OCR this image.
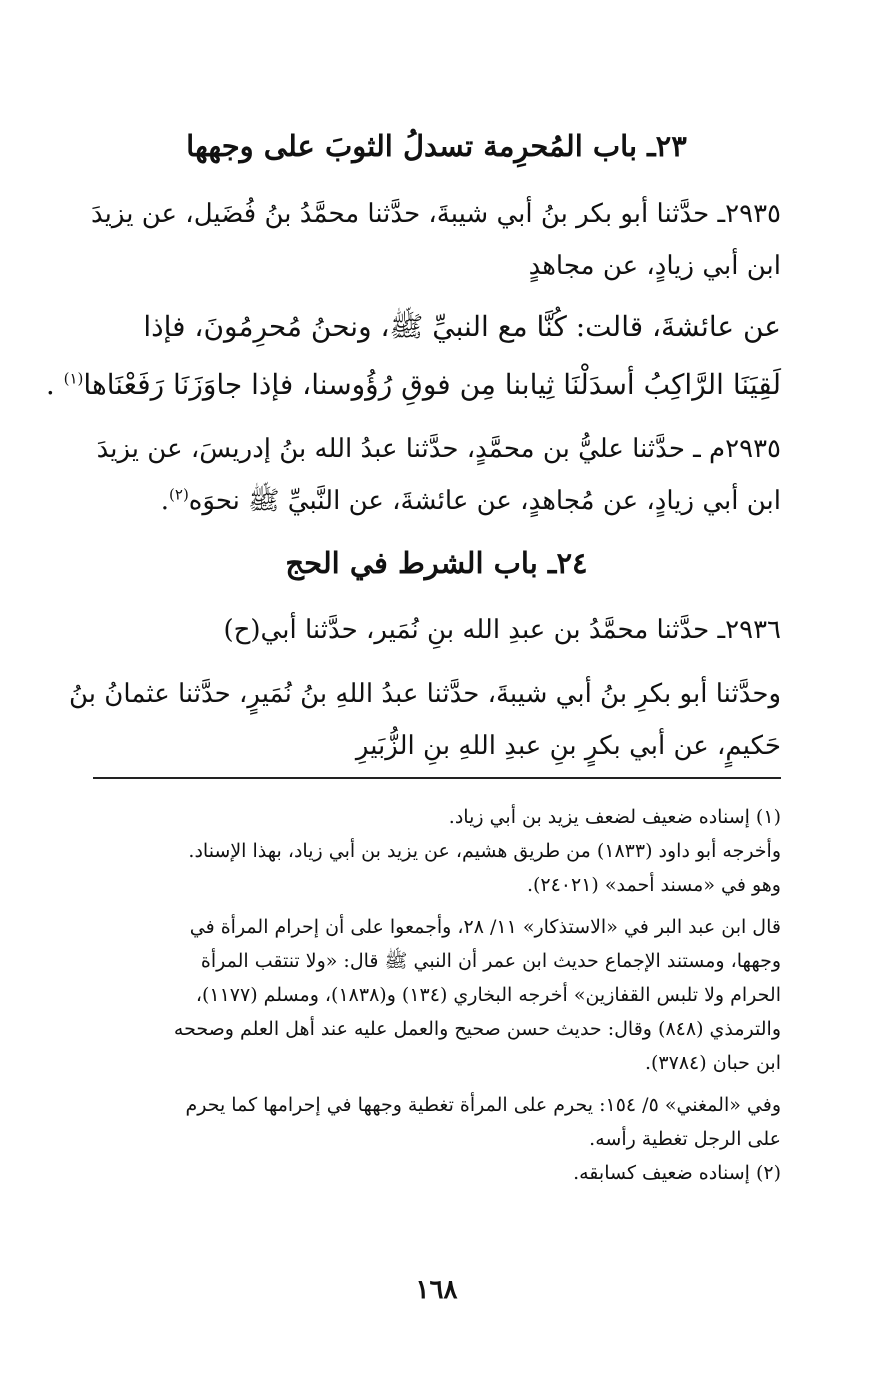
٢٣ـ باب المُحرِمة تسدلُ الثوبَ على وجهها
٢٩٣٥ـ حدَّثنا أبو بكر بنُ أبي شيبةَ، حدَّثنا محمَّدُ بنُ فُضَيل، عن يزيدَ
ابن أبي زيادٍ، عن مجاهدٍ
عن عائشةَ، قالت: كُنَّا مع النبيِّ ﷺ، ونحنُ مُحرِمُونَ، فإذا
لَقِيَنَا الرَّاكِبُ أسدَلْنَا ثِيابنا مِن فوقِ رُؤُوسنا، فإذا جاوَزَنَا رَفَعْنَاها$^{(١)}$ .
٢٩٣٥م ـ حدَّثنا عليُّ بن محمَّدٍ، حدَّثنا عبدُ الله بنُ إدريسَ، عن يزيدَ
ابن أبي زيادٍ، عن مُجاهدٍ، عن عائشةَ، عن النَّبيِّ ﷺ نحوَه$^{(٢)}$.
٢٤ـ باب الشرط في الحج
٢٩٣٦ـ حدَّثنا محمَّدُ بن عبدِ الله بنِ نُمَير، حدَّثنا أبي(ح)
وحدَّثنا أبو بكرِ بنُ أبي شيبةَ، حدَّثنا عبدُ اللهِ بنُ نُمَيرٍ، حدَّثنا عثمانُ بنُ
حَكيمٍ، عن أبي بكرٍ بنِ عبدِ اللهِ بنِ الزُّبَيرِ
(١) إسناده ضعيف لضعف يزيد بن أبي زياد.
وأخرجه أبو داود (١٨٣٣) من طريق هشيم، عن يزيد بن أبي زياد، بهذا الإسناد.
وهو في «مسند أحمد» (٢٤٠٢١).
قال ابن عبد البر في «الاستذكار» ١١/ ٢٨، وأجمعوا على أن إحرام المرأة في
وجهها، ومستند الإجماع حديث ابن عمر أن النبي ﷺ قال: «ولا تنتقب المرأة
الحرام ولا تلبس القفازين» أخرجه البخاري (١٣٤) و(١٨٣٨)، ومسلم (١١٧٧)،
والترمذي (٨٤٨) وقال: حديث حسن صحيح والعمل عليه عند أهل العلم وصححه
ابن حبان (٣٧٨٤).
وفي «المغني» ٥/ ١٥٤: يحرم على المرأة تغطية وجهها في إحرامها كما يحرم
على الرجل تغطية رأسه.
(٢) إسناده ضعيف كسابقه.
١٦٨
